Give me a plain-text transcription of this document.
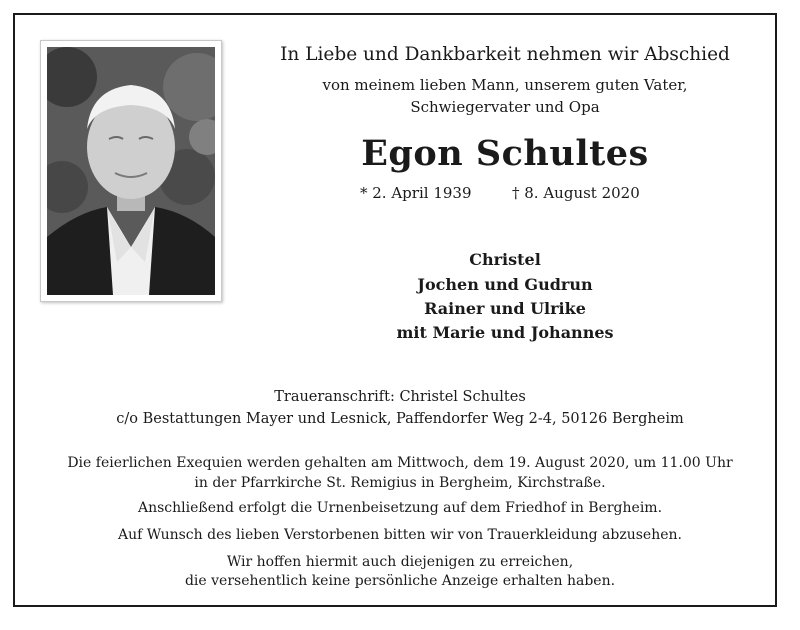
In Liebe und Dankbarkeit nehmen wir Abschied
von meinem lieben Mann, unserem guten Vater,
Schwiegervater und Opa
Egon Schultes
* 2. April 1939	† 8. August 2020
Christel
Jochen und Gudrun
Rainer und Ulrike
mit Marie und Johannes
Traueranschrift: Christel Schultes
c/o Bestattungen Mayer und Lesnick, Paffendorfer Weg 2-4, 50126 Bergheim
Die feierlichen Exequien werden gehalten am Mittwoch, dem 19. August 2020, um 11.00 Uhr
in der Pfarrkirche St. Remigius in Bergheim, Kirchstraße.
Anschließend erfolgt die Urnenbeisetzung auf dem Friedhof in Bergheim.
Auf Wunsch des lieben Verstorbenen bitten wir von Trauerkleidung abzusehen.
Wir hoffen hiermit auch diejenigen zu erreichen,
die versehentlich keine persönliche Anzeige erhalten haben.
